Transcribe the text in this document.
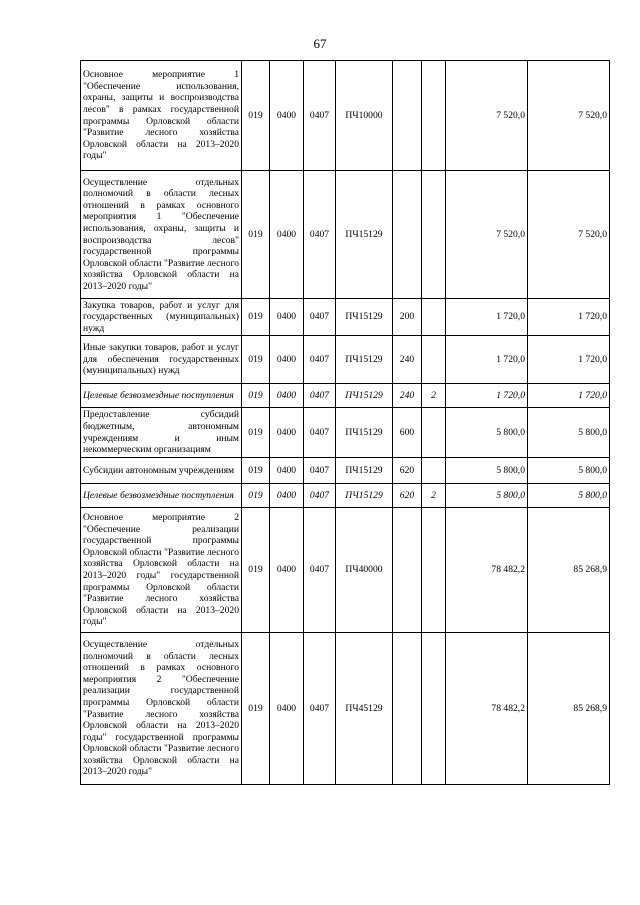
67
Основное мероприятие 1 "Обеспечение использования, охраны, защиты и воспроизводства лесов" в рамках государственной программы Орловской области "Развитие лесного хозяйства Орловской области на 2013–2020 годы"	019	0400	0407	ПЧ10000			7 520,0	7 520,0
Осуществление отдельных полномочий в области лесных отношений в рамках основного мероприятия 1 "Обеспечение использования, охраны, защиты и воспроизводства лесов" государственной программы Орловской области "Развитие лесного хозяйства Орловской области на 2013–2020 годы"	019	0400	0407	ПЧ15129			7 520,0	7 520,0
Закупка товаров, работ и услуг для государственных (муниципальных) нужд	019	0400	0407	ПЧ15129	200		1 720,0	1 720,0
Иные закупки товаров, работ и услуг для обеспечения государственных (муниципальных) нужд	019	0400	0407	ПЧ15129	240		1 720,0	1 720,0
Целевые безвозмездные поступления	019	0400	0407	ПЧ15129	240	2	1 720,0	1 720,0
Предоставление субсидий бюджетным, автономным учреждениям и иным некоммерческим организациям	019	0400	0407	ПЧ15129	600		5 800,0	5 800,0
Субсидии автономным учреждениям	019	0400	0407	ПЧ15129	620		5 800,0	5 800,0
Целевые безвозмездные поступления	019	0400	0407	ПЧ15129	620	2	5 800,0	5 800,0
Основное мероприятие 2 "Обеспечение реализации государственной программы Орловской области "Развитие лесного хозяйства Орловской области на 2013–2020 годы" государственной программы Орловской области "Развитие лесного хозяйства Орловской области на 2013–2020 годы"	019	0400	0407	ПЧ40000			78 482,2	85 268,9
Осуществление отдельных полномочий в области лесных отношений в рамках основного мероприятия 2 "Обеспечение реализации государственной программы Орловской области "Развитие лесного хозяйства Орловской области на 2013–2020 годы" государственной программы Орловской области "Развитие лесного хозяйства Орловской области на 2013–2020 годы"	019	0400	0407	ПЧ45129			78 482,2	85 268,9
